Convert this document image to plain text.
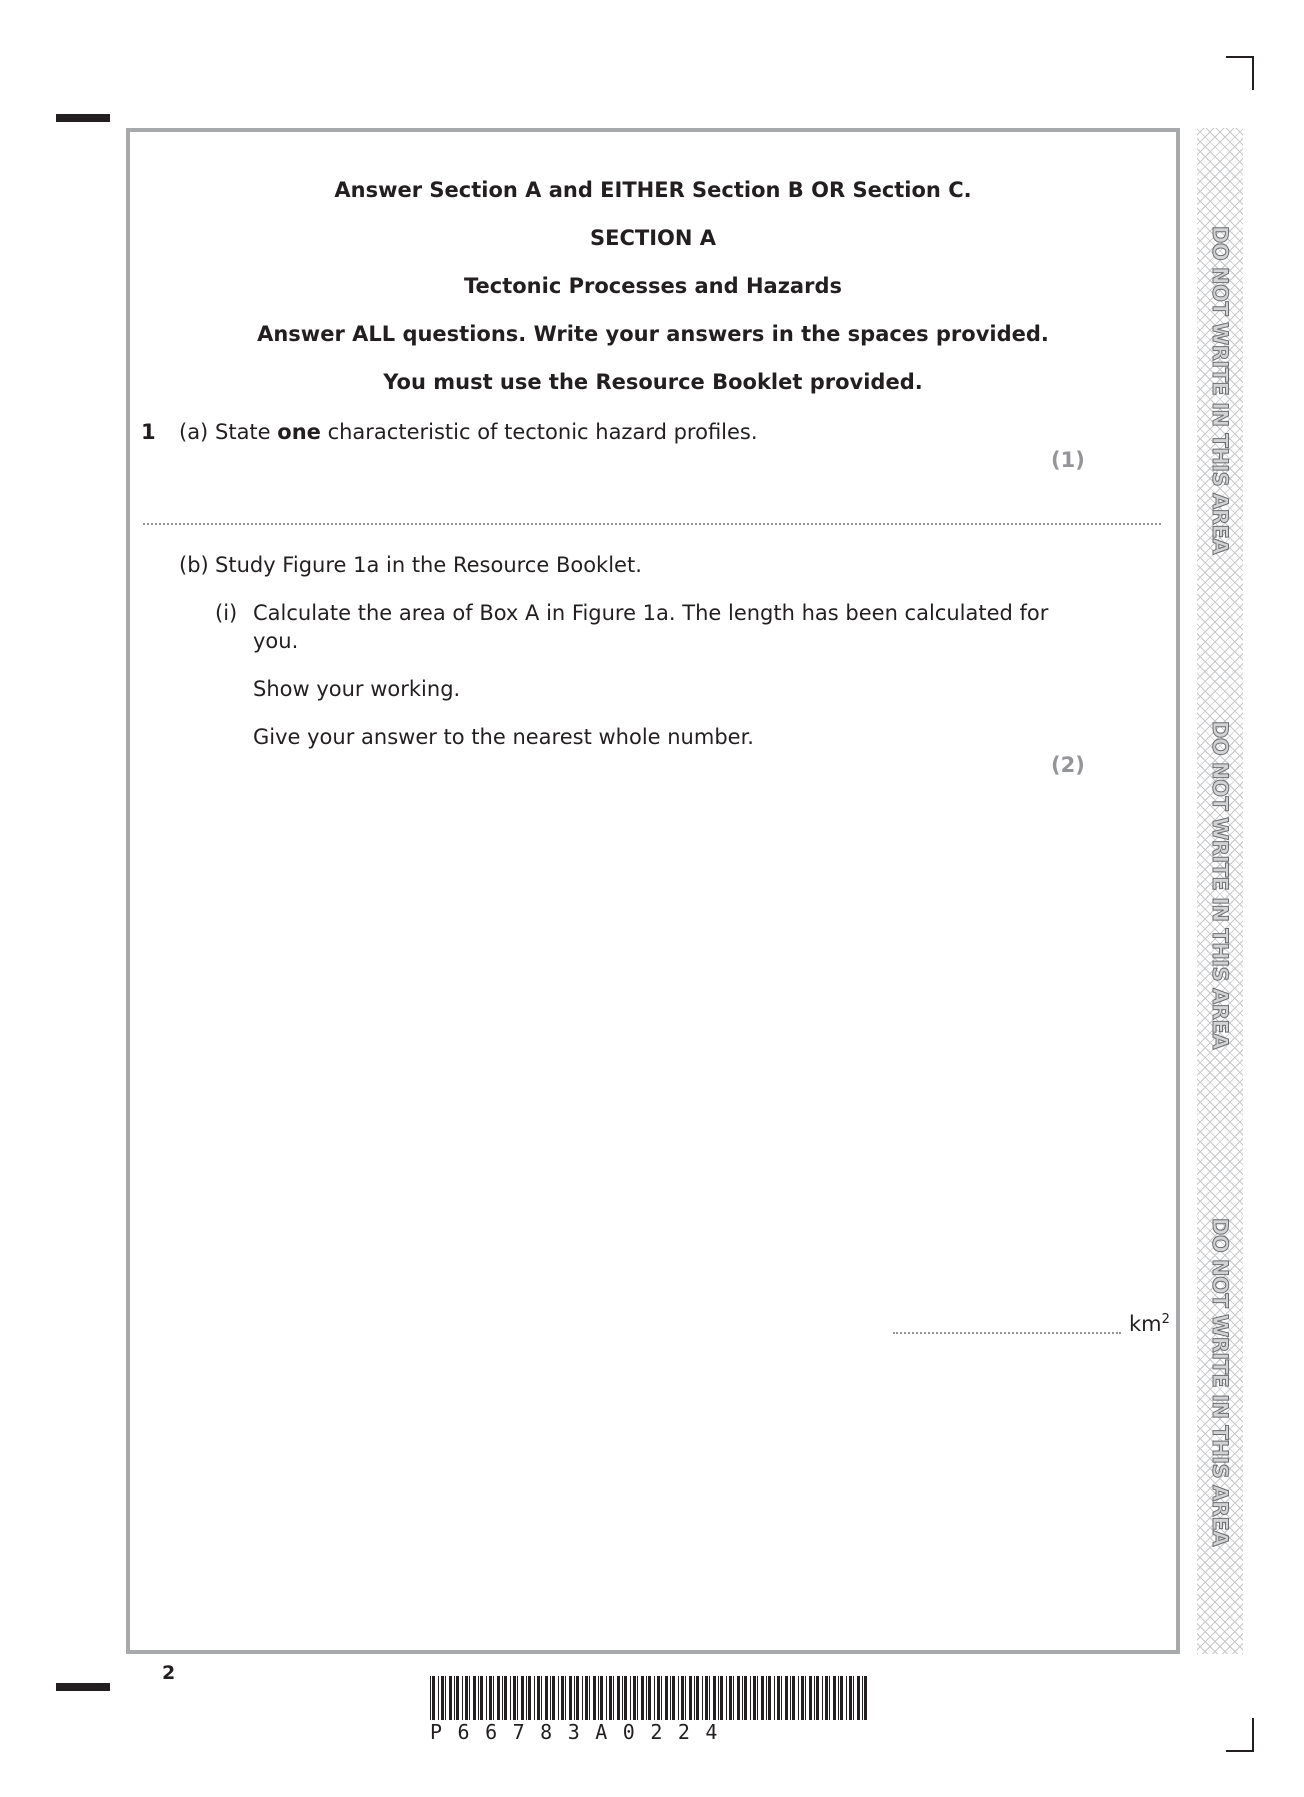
DO NOT WRITE IN THIS AREA
DO NOT WRITE IN THIS AREA
DO NOT WRITE IN THIS AREA
Answer Section A and EITHER Section B OR Section C.
SECTION A
Tectonic Processes and Hazards
Answer ALL questions. Write your answers in the spaces provided.
You must use the Resource Booklet provided.
1 (a) State one characteristic of tectonic hazard profiles.
(1)
(b) Study Figure 1a in the Resource Booklet.
(i) Calculate the area of Box A in Figure 1a. The length has been calculated for
you.
Show your working.
Give your answer to the nearest whole number.
(2)
$km^2$
2
P66783A0224
